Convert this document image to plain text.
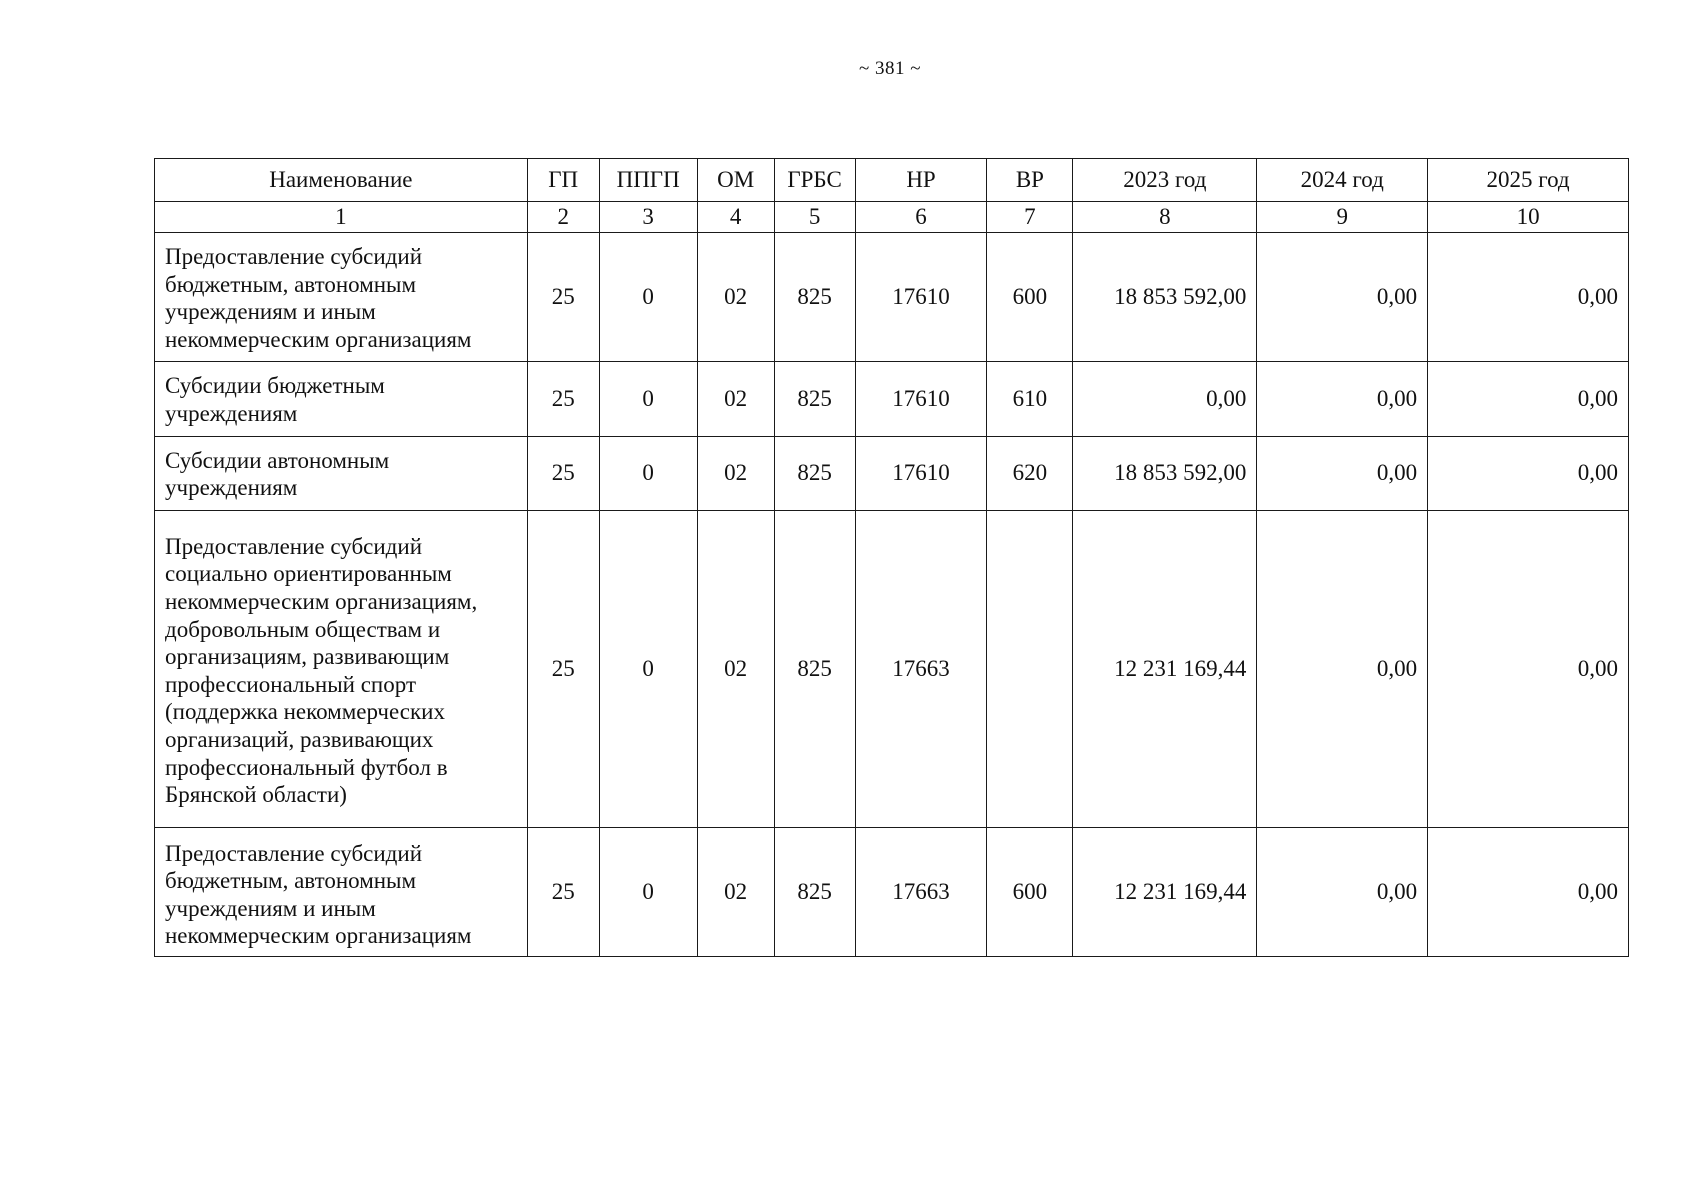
~ 381 ~
Наименование	ГП	ППГП	ОМ	ГРБС	НР	ВР	2023 год	2024 год	2025 год
1	2	3	4	5	6	7	8	9	10
Предоставление субсидий бюджетным, автономным учреждениям и иным некоммерческим организациям	25	0	02	825	17610	600	18 853 592,00	0,00	0,00
Субсидии бюджетным учреждениям	25	0	02	825	17610	610	0,00	0,00	0,00
Субсидии автономным учреждениям	25	0	02	825	17610	620	18 853 592,00	0,00	0,00
Предоставление субсидий социально ориентированным некоммерческим организациям, добровольным обществам и организациям, развивающим профессиональный спорт (поддержка некоммерческих организаций, развивающих профессиональный футбол в Брянской области)	25	0	02	825	17663		12 231 169,44	0,00	0,00
Предоставление субсидий бюджетным, автономным учреждениям и иным некоммерческим организациям	25	0	02	825	17663	600	12 231 169,44	0,00	0,00
